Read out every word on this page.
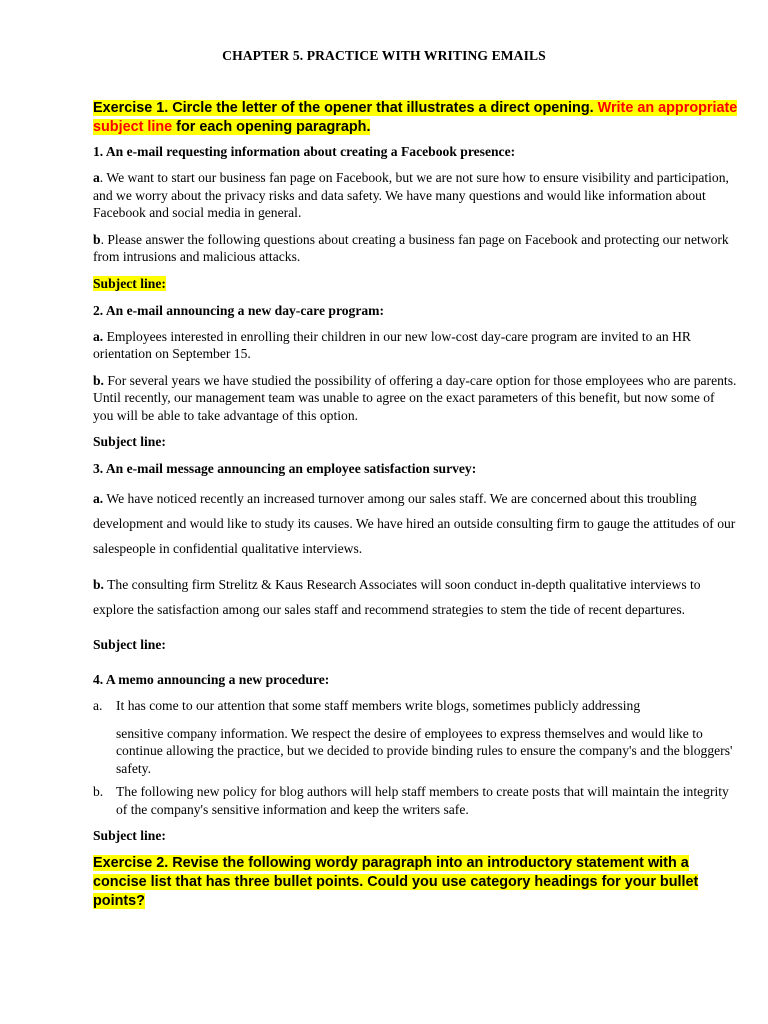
CHAPTER 5. PRACTICE WITH WRITING EMAILS
Exercise 1. Circle the letter of the opener that illustrates a direct opening. Write an appropriate subject line for each opening paragraph.
1. An e-mail requesting information about creating a Facebook presence:
a. We want to start our business fan page on Facebook, but we are not sure how to ensure visibility and participation, and we worry about the privacy risks and data safety. We have many questions and would like information about Facebook and social media in general.
b. Please answer the following questions about creating a business fan page on Facebook and protecting our network from intrusions and malicious attacks.
Subject line:
2. An e-mail announcing a new day-care program:
a. Employees interested in enrolling their children in our new low-cost day-care program are invited to an HR orientation on September 15.
b. For several years we have studied the possibility of offering a day-care option for those employees who are parents. Until recently, our management team was unable to agree on the exact parameters of this benefit, but now some of you will be able to take advantage of this option.
Subject line:
3. An e-mail message announcing an employee satisfaction survey:
a. We have noticed recently an increased turnover among our sales staff. We are concerned about this troubling development and would like to study its causes. We have hired an outside consulting firm to gauge the attitudes of our salespeople in confidential qualitative interviews.
b. The consulting firm Strelitz & Kaus Research Associates will soon conduct in-depth qualitative interviews to explore the satisfaction among our sales staff and recommend strategies to stem the tide of recent departures.
Subject line:
4. A memo announcing a new procedure:
a. It has come to our attention that some staff members write blogs, sometimes publicly addressing
sensitive company information. We respect the desire of employees to express themselves and would like to continue allowing the practice, but we decided to provide binding rules to ensure the company's and the bloggers' safety.
b. The following new policy for blog authors will help staff members to create posts that will maintain the integrity of the company's sensitive information and keep the writers safe.
Subject line:
Exercise 2. Revise the following wordy paragraph into an introductory statement with a concise list that has three bullet points. Could you use category headings for your bullet points?
